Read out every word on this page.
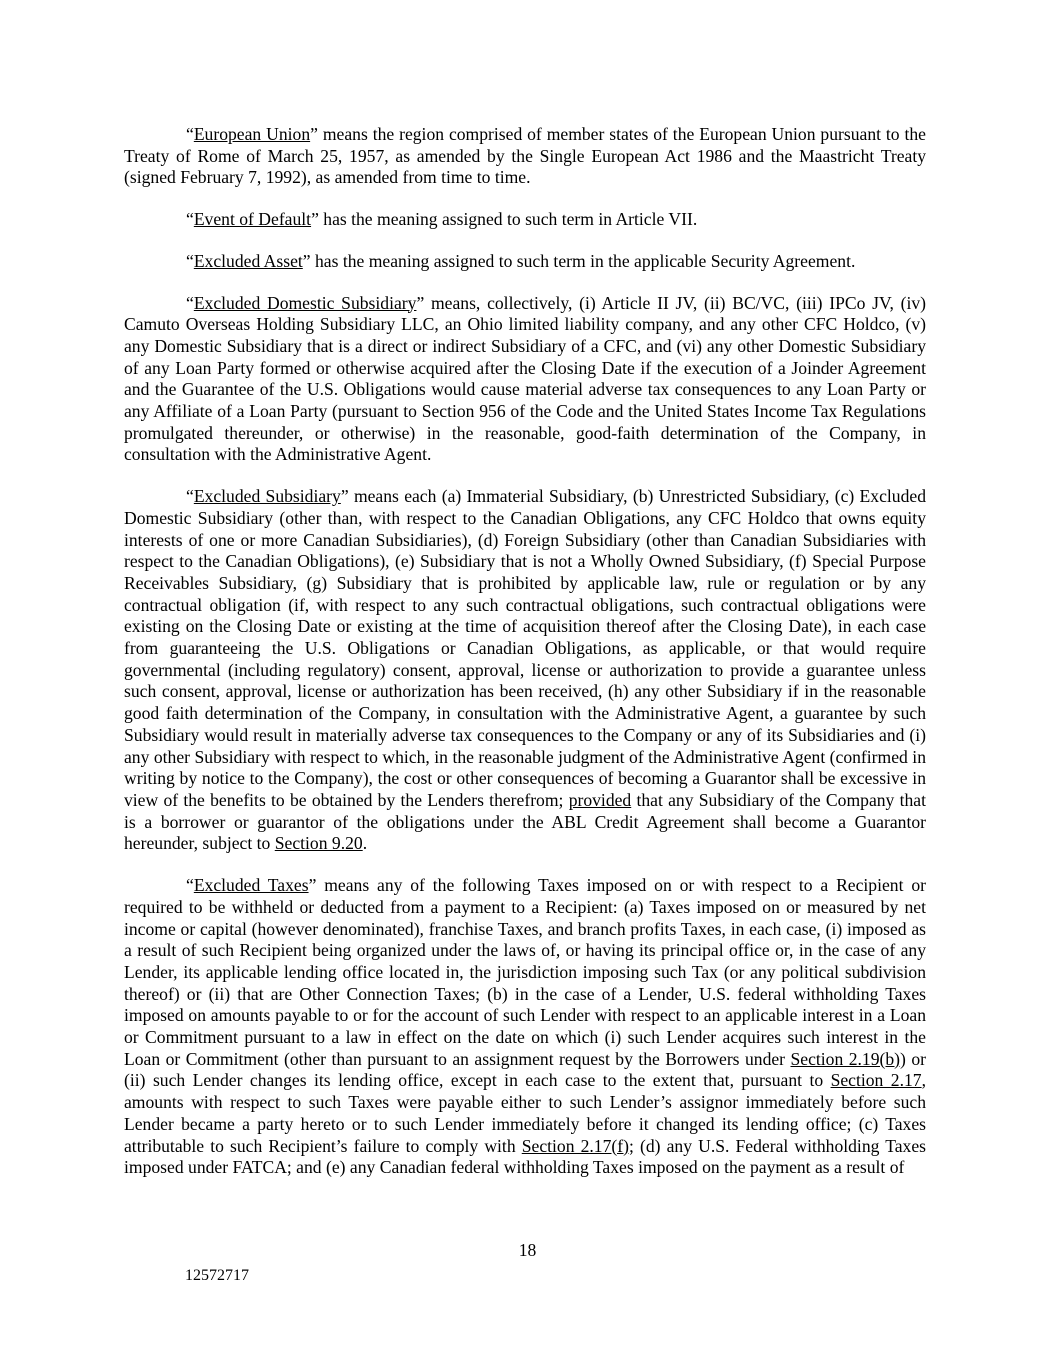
“European Union” means the region comprised of member states of the European Union pursuant to the Treaty of Rome of March 25, 1957, as amended by the Single European Act 1986 and the Maastricht Treaty (signed February 7, 1992), as amended from time to time.

“Event of Default” has the meaning assigned to such term in Article VII.

“Excluded Asset” has the meaning assigned to such term in the applicable Security Agreement.

“Excluded Domestic Subsidiary” means, collectively, (i) Article II JV, (ii) BC/VC, (iii) IPCo JV, (iv) Camuto Overseas Holding Subsidiary LLC, an Ohio limited liability company, and any other CFC Holdco, (v) any Domestic Subsidiary that is a direct or indirect Subsidiary of a CFC, and (vi) any other Domestic Subsidiary of any Loan Party formed or otherwise acquired after the Closing Date if the execution of a Joinder Agreement and the Guarantee of the U.S. Obligations would cause material adverse tax consequences to any Loan Party or any Affiliate of a Loan Party (pursuant to Section 956 of the Code and the United States Income Tax Regulations promulgated thereunder, or otherwise) in the reasonable, good-faith determination of the Company, in consultation with the Administrative Agent.

“Excluded Subsidiary” means each (a) Immaterial Subsidiary, (b) Unrestricted Subsidiary, (c) Excluded Domestic Subsidiary (other than, with respect to the Canadian Obligations, any CFC Holdco that owns equity interests of one or more Canadian Subsidiaries), (d) Foreign Subsidiary (other than Canadian Subsidiaries with respect to the Canadian Obligations), (e) Subsidiary that is not a Wholly Owned Subsidiary, (f) Special Purpose Receivables Subsidiary, (g) Subsidiary that is prohibited by applicable law, rule or regulation or by any contractual obligation (if, with respect to any such contractual obligations, such contractual obligations were existing on the Closing Date or existing at the time of acquisition thereof after the Closing Date), in each case from guaranteeing the U.S. Obligations or Canadian Obligations, as applicable, or that would require governmental (including regulatory) consent, approval, license or authorization to provide a guarantee unless such consent, approval, license or authorization has been received, (h) any other Subsidiary if in the reasonable good faith determination of the Company, in consultation with the Administrative Agent, a guarantee by such Subsidiary would result in materially adverse tax consequences to the Company or any of its Subsidiaries and (i) any other Subsidiary with respect to which, in the reasonable judgment of the Administrative Agent (confirmed in writing by notice to the Company), the cost or other consequences of becoming a Guarantor shall be excessive in view of the benefits to be obtained by the Lenders therefrom; provided that any Subsidiary of the Company that is a borrower or guarantor of the obligations under the ABL Credit Agreement shall become a Guarantor hereunder, subject to Section 9.20.

“Excluded Taxes” means any of the following Taxes imposed on or with respect to a Recipient or required to be withheld or deducted from a payment to a Recipient: (a) Taxes imposed on or measured by net income or capital (however denominated), franchise Taxes, and branch profits Taxes, in each case, (i) imposed as a result of such Recipient being organized under the laws of, or having its principal office or, in the case of any Lender, its applicable lending office located in, the jurisdiction imposing such Tax (or any political subdivision thereof) or (ii) that are Other Connection Taxes; (b) in the case of a Lender, U.S. federal withholding Taxes imposed on amounts payable to or for the account of such Lender with respect to an applicable interest in a Loan or Commitment pursuant to a law in effect on the date on which (i) such Lender acquires such interest in the Loan or Commitment (other than pursuant to an assignment request by the Borrowers under Section 2.19(b)) or (ii) such Lender changes its lending office, except in each case to the extent that, pursuant to Section 2.17, amounts with respect to such Taxes were payable either to such Lender’s assignor immediately before such Lender became a party hereto or to such Lender immediately before it changed its lending office; (c) Taxes attributable to such Recipient’s failure to comply with Section 2.17(f); (d) any U.S. Federal withholding Taxes imposed under FATCA; and (e) any Canadian federal withholding Taxes imposed on the payment as a result of

18
12572717
